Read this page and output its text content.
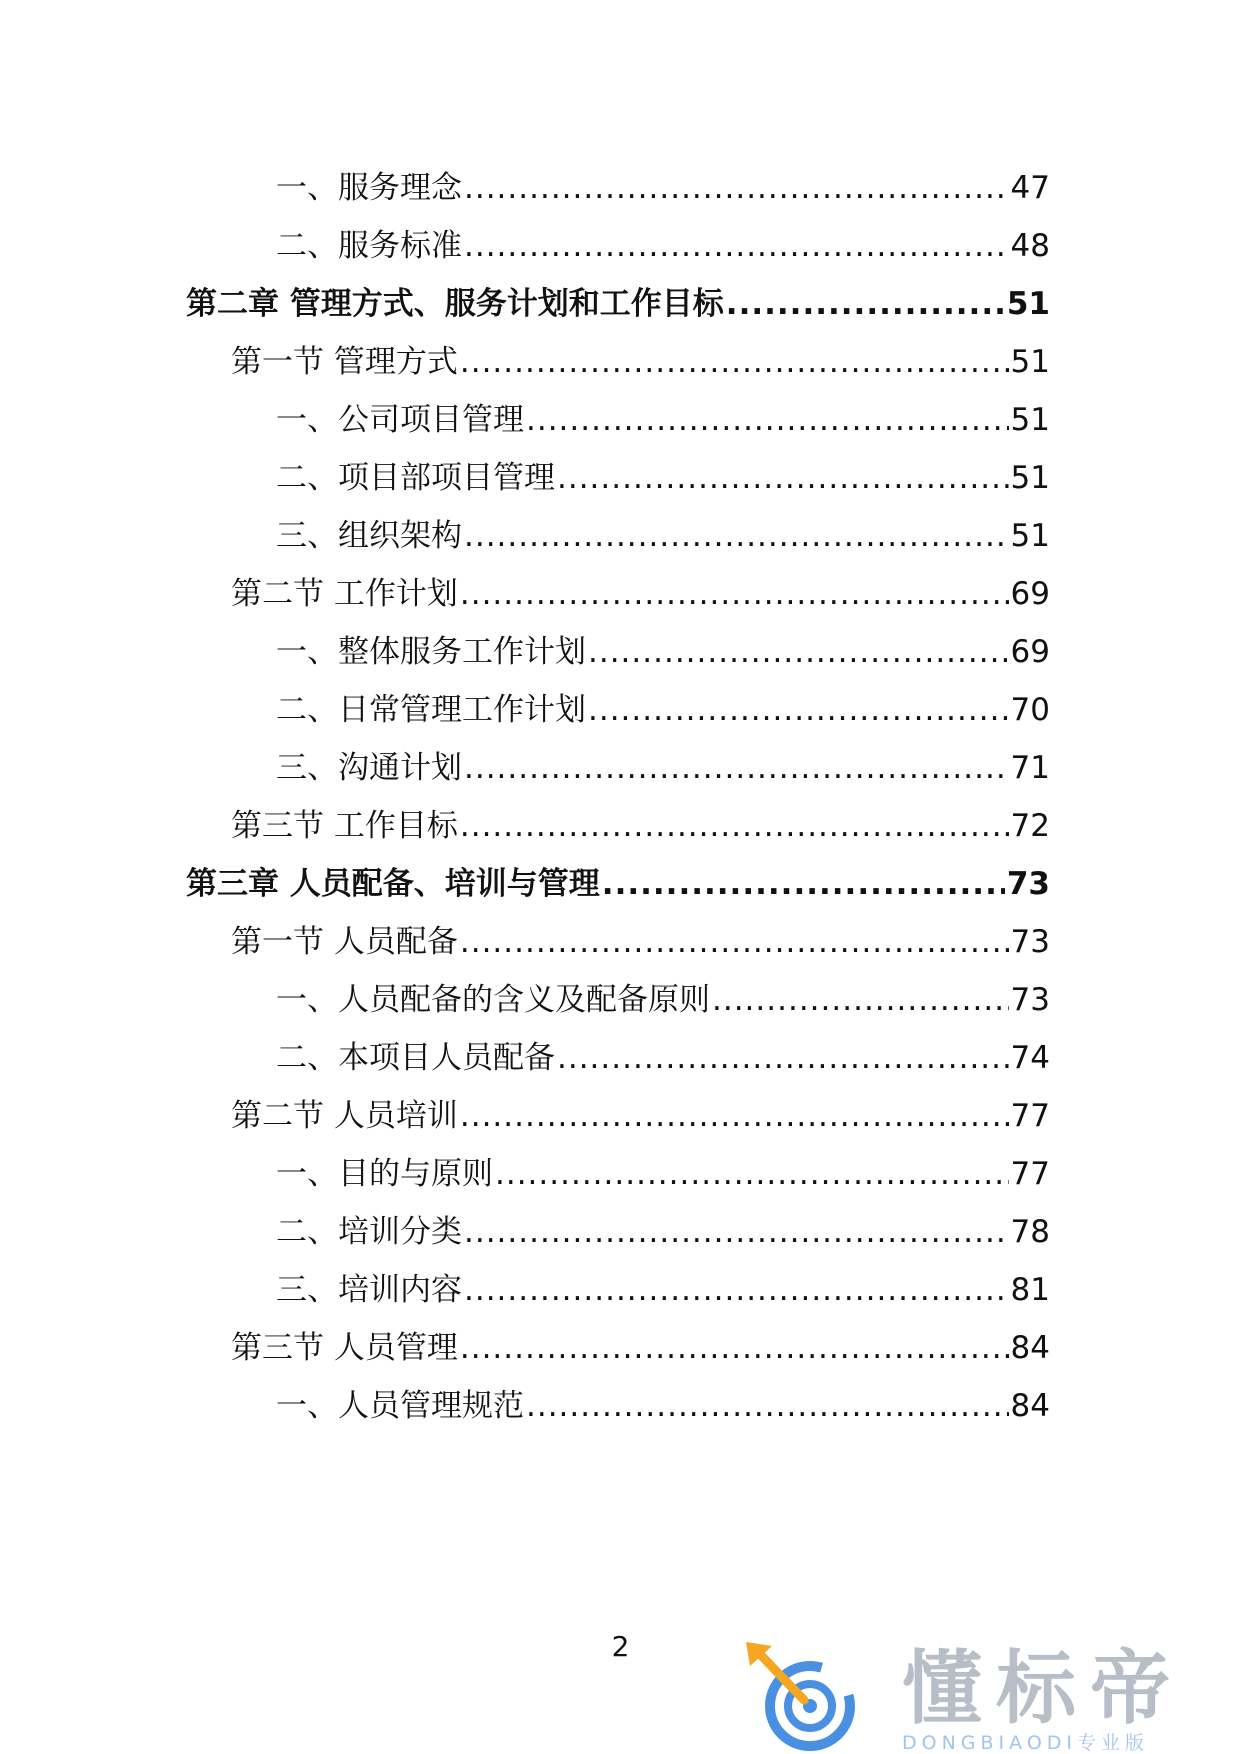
一、服务理念 .....	47
二、服务标准 .....	48
第二章 管理方式、服务计划和工作目标 .....	51
第一节 管理方式 .....	51
一、公司项目管理 .....	51
二、项目部项目管理 .....	51
三、组织架构 .....	51
第二节 工作计划 .....	69
一、整体服务工作计划 .....	69
二、日常管理工作计划 .....	70
三、沟通计划 .....	71
第三节 工作目标 .....	72
第三章 人员配备、培训与管理 .....	73
第一节 人员配备 .....	73
一、人员配备的含义及配备原则 .....	73
二、本项目人员配备 .....	74
第二节 人员培训 .....	77
一、目的与原则 .....	77
二、培训分类 .....	78
三、培训内容 .....	81
第三节 人员管理 .....	84
一、人员管理规范 .....	84
2	懂标帝
DONGBIAODI专业版
